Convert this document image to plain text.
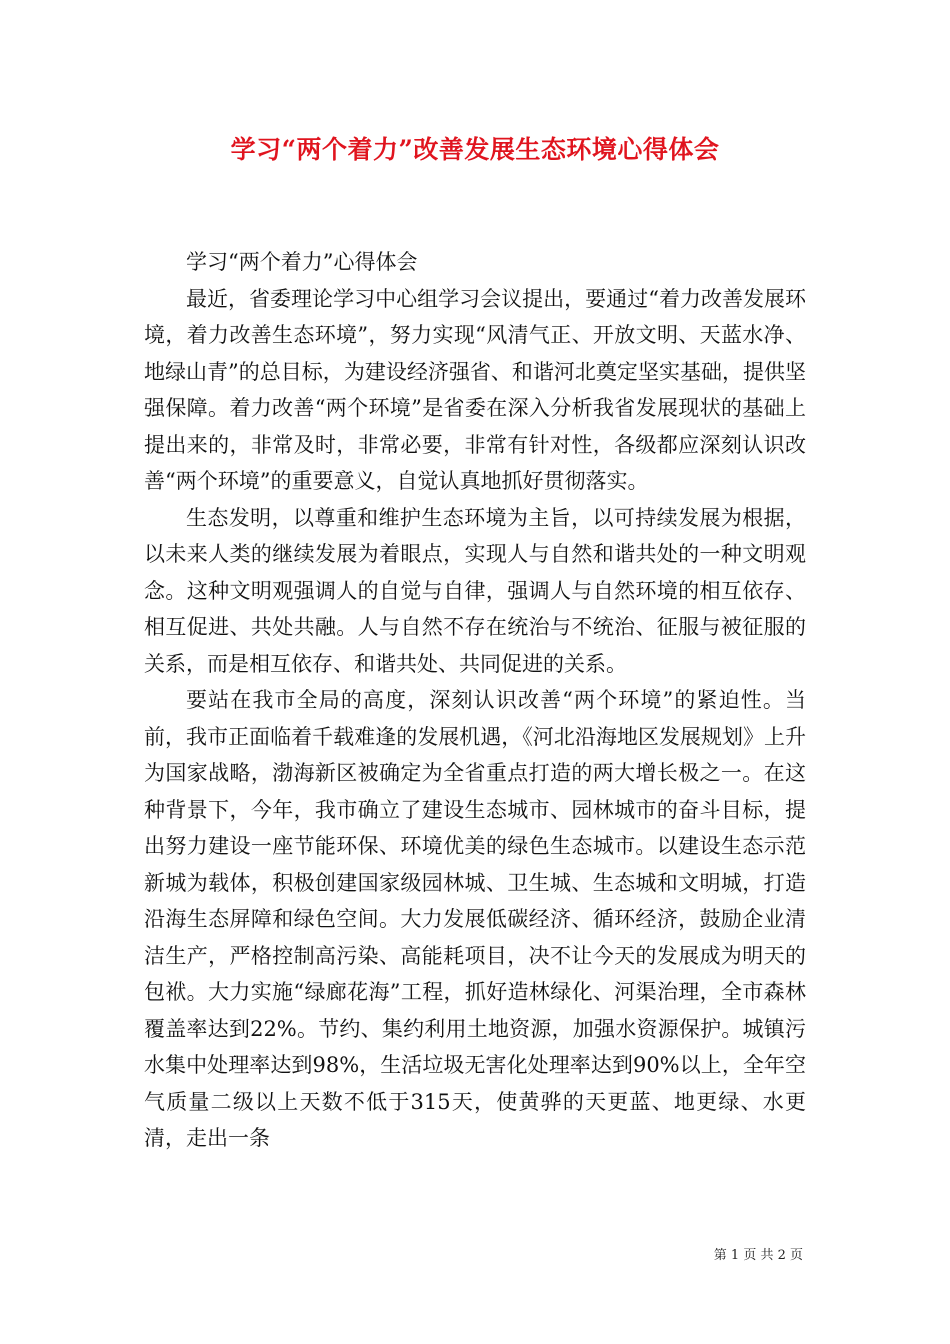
学习“两个着力”改善发展生态环境心得体会

学习“两个着力”心得体会

最近，省委理论学习中心组学习会议提出，要通过“着力改善发展环境，着力改善生态环境”，努力实现“风清气正、开放文明、天蓝水净、地绿山青”的总目标，为建设经济强省、和谐河北奠定坚实基础，提供坚强保障。着力改善“两个环境”是省委在深入分析我省发展现状的基础上提出来的，非常及时，非常必要，非常有针对性，各级都应深刻认识改善“两个环境”的重要意义，自觉认真地抓好贯彻落实。

生态发明，以尊重和维护生态环境为主旨，以可持续发展为根据，以未来人类的继续发展为着眼点，实现人与自然和谐共处的一种文明观念。这种文明观强调人的自觉与自律，强调人与自然环境的相互依存、相互促进、共处共融。人与自然不存在统治与不统治、征服与被征服的关系，而是相互依存、和谐共处、共同促进的关系。

要站在我市全局的高度，深刻认识改善“两个环境”的紧迫性。当前，我市正面临着千载难逢的发展机遇，《河北沿海地区发展规划》上升为国家战略，渤海新区被确定为全省重点打造的两大增长极之一。在这种背景下，今年，我市确立了建设生态城市、园林城市的奋斗目标，提出努力建设一座节能环保、环境优美的绿色生态城市。以建设生态示范新城为载体，积极创建国家级园林城、卫生城、生态城和文明城，打造沿海生态屏障和绿色空间。大力发展低碳经济、循环经济，鼓励企业清洁生产，严格控制高污染、高能耗项目，决不让今天的发展成为明天的包袱。大力实施“绿廊花海”工程，抓好造林绿化、河渠治理，全市森林覆盖率达到22%。节约、集约利用土地资源，加强水资源保护。城镇污水集中处理率达到98%，生活垃圾无害化处理率达到90%以上，全年空气质量二级以上天数不低于315天，使黄骅的天更蓝、地更绿、水更清，走出一条

第 1 页 共 2 页
